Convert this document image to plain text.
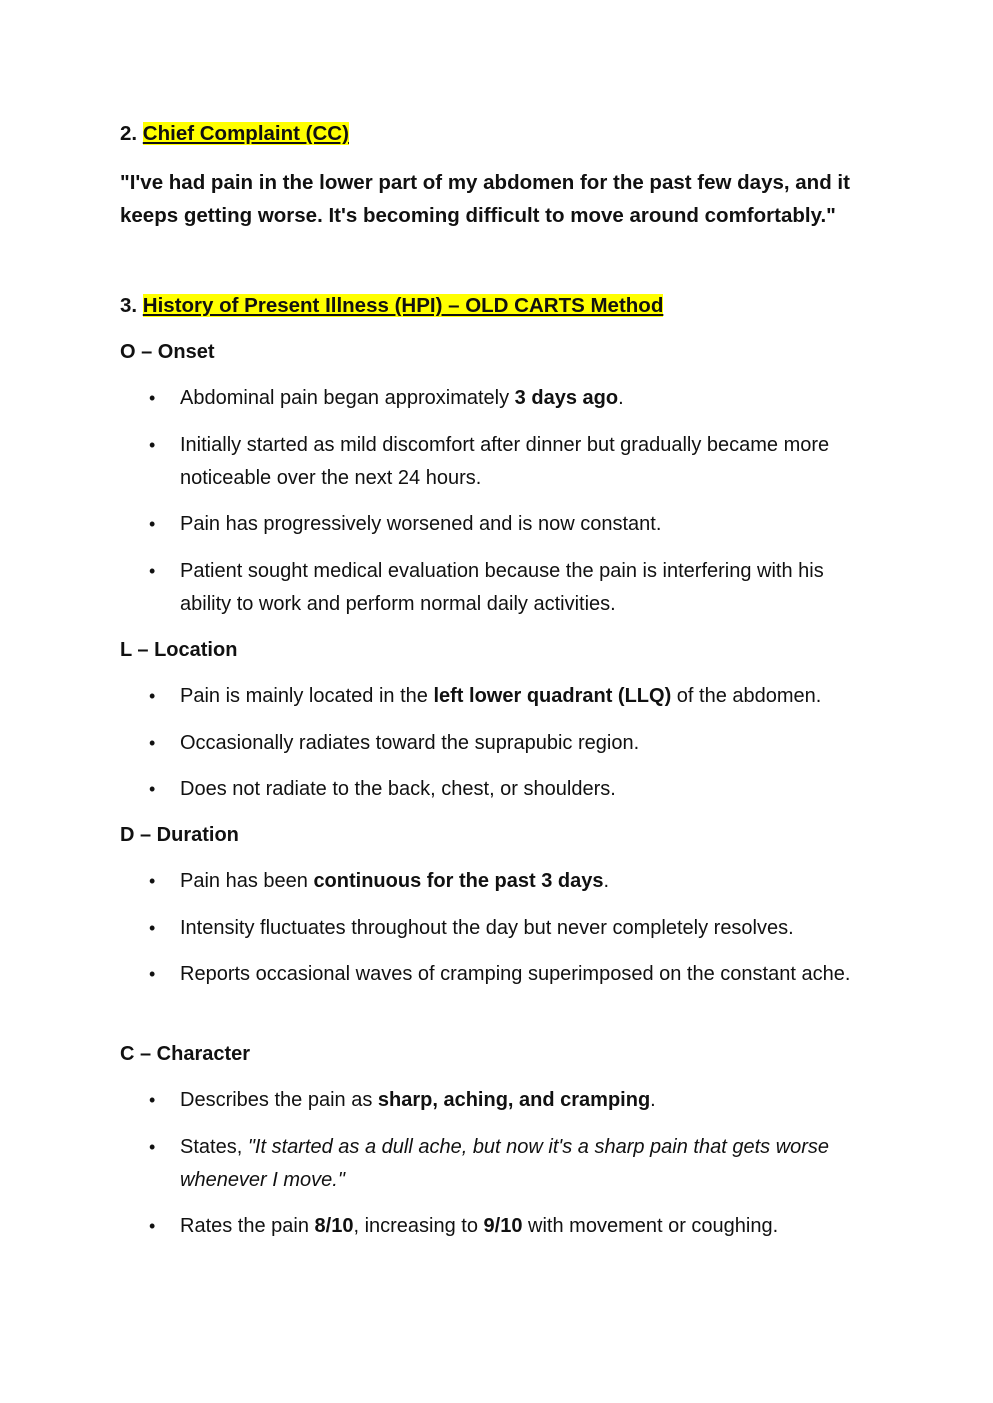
2. Chief Complaint (CC)
"I've had pain in the lower part of my abdomen for the past few days, and it keeps getting worse. It's becoming difficult to move around comfortably."
3. History of Present Illness (HPI) – OLD CARTS Method
O – Onset
• Abdominal pain began approximately 3 days ago.
• Initially started as mild discomfort after dinner but gradually became more noticeable over the next 24 hours.
• Pain has progressively worsened and is now constant.
• Patient sought medical evaluation because the pain is interfering with his ability to work and perform normal daily activities.
L – Location
• Pain is mainly located in the left lower quadrant (LLQ) of the abdomen.
• Occasionally radiates toward the suprapubic region.
• Does not radiate to the back, chest, or shoulders.
D – Duration
• Pain has been continuous for the past 3 days.
• Intensity fluctuates throughout the day but never completely resolves.
• Reports occasional waves of cramping superimposed on the constant ache.
C – Character
• Describes the pain as sharp, aching, and cramping.
• States, "It started as a dull ache, but now it's a sharp pain that gets worse whenever I move."
• Rates the pain 8/10, increasing to 9/10 with movement or coughing.
